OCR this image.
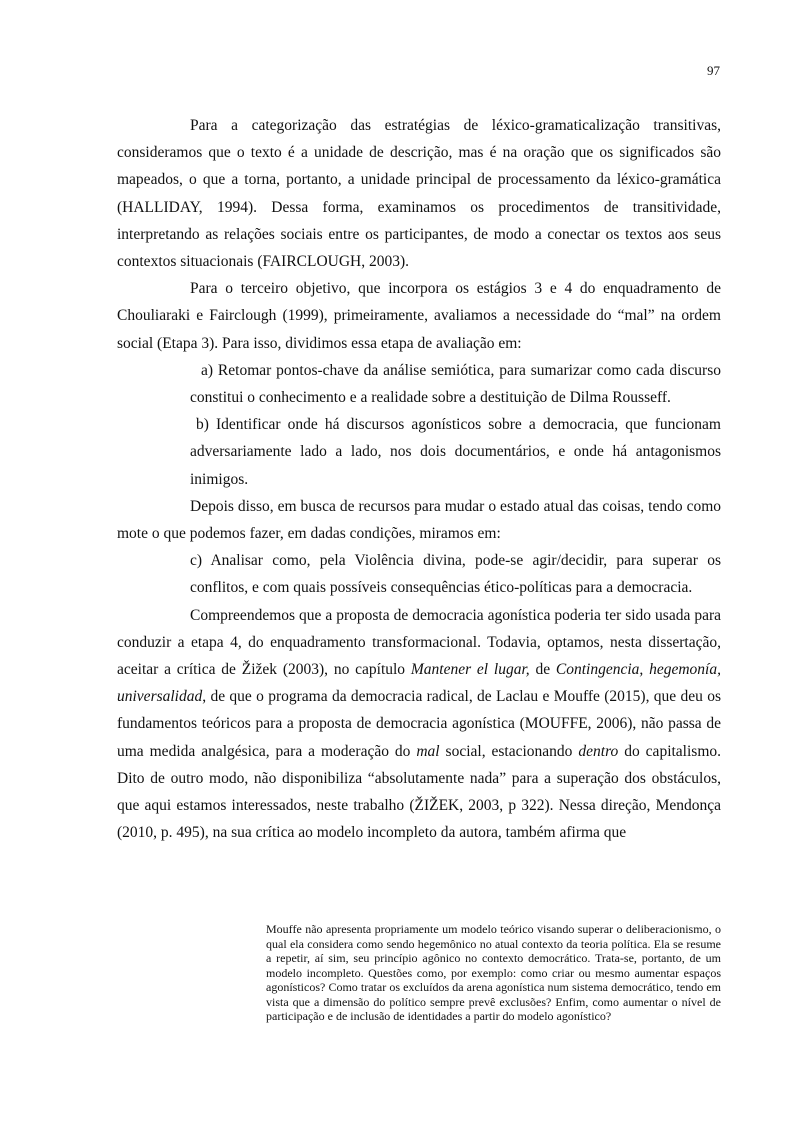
97

Para a categorização das estratégias de léxico-gramaticalização transitivas, consideramos que o texto é a unidade de descrição, mas é na oração que os significados são mapeados, o que a torna, portanto, a unidade principal de processamento da léxico-gramática (HALLIDAY, 1994). Dessa forma, examinamos os procedimentos de transitividade, interpretando as relações sociais entre os participantes, de modo a conectar os textos aos seus contextos situacionais (FAIRCLOUGH, 2003).

Para o terceiro objetivo, que incorpora os estágios 3 e 4 do enquadramento de Chouliaraki e Fairclough (1999), primeiramente, avaliamos a necessidade do “mal” na ordem social (Etapa 3). Para isso, dividimos essa etapa de avaliação em:

a) Retomar pontos-chave da análise semiótica, para sumarizar como cada discurso constitui o conhecimento e a realidade sobre a destituição de Dilma Rousseff.

b) Identificar onde há discursos agonísticos sobre a democracia, que funcionam adversariamente lado a lado, nos dois documentários, e onde há antagonismos inimigos.

Depois disso, em busca de recursos para mudar o estado atual das coisas, tendo como mote o que podemos fazer, em dadas condições, miramos em:

c) Analisar como, pela Violência divina, pode-se agir/decidir, para superar os conflitos, e com quais possíveis consequências ético-políticas para a democracia.

Compreendemos que a proposta de democracia agonística poderia ter sido usada para conduzir a etapa 4, do enquadramento transformacional. Todavia, optamos, nesta dissertação, aceitar a crítica de Žižek (2003), no capítulo Mantener el lugar, de Contingencia, hegemonía, universalidad, de que o programa da democracia radical, de Laclau e Mouffe (2015), que deu os fundamentos teóricos para a proposta de democracia agonística (MOUFFE, 2006), não passa de uma medida analgésica, para a moderação do mal social, estacionando dentro do capitalismo. Dito de outro modo, não disponibiliza “absolutamente nada” para a superação dos obstáculos, que aqui estamos interessados, neste trabalho (ŽIŽEK, 2003, p 322). Nessa direção, Mendonça (2010, p. 495), na sua crítica ao modelo incompleto da autora, também afirma que

Mouffe não apresenta propriamente um modelo teórico visando superar o deliberacionismo, o qual ela considera como sendo hegemônico no atual contexto da teoria política. Ela se resume a repetir, aí sim, seu princípio agônico no contexto democrático. Trata-se, portanto, de um modelo incompleto. Questões como, por exemplo: como criar ou mesmo aumentar espaços agonísticos? Como tratar os excluídos da arena agonística num sistema democrático, tendo em vista que a dimensão do político sempre prevê exclusões? Enfim, como aumentar o nível de participação e de inclusão de identidades a partir do modelo agonístico?
